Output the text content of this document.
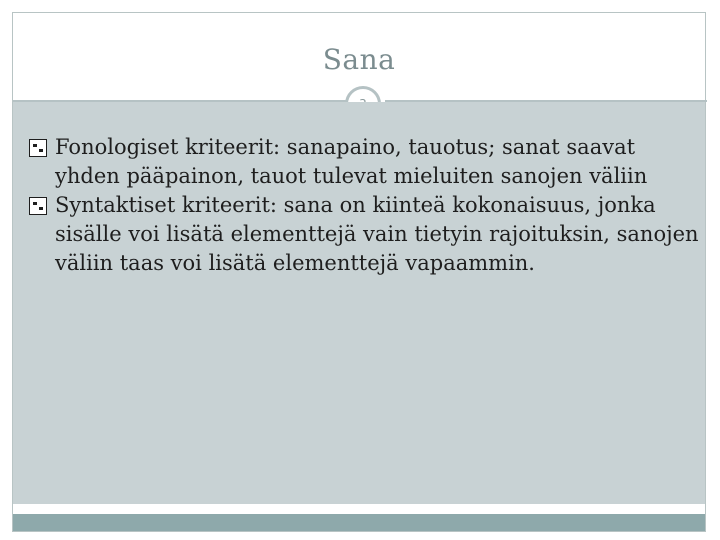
Sana
Fonologiset kriteerit: sanapaino, tauotus; sanat saavat yhden pääpainon, tauot tulevat mieluiten sanojen väliin
Syntaktiset kriteerit: sana on kiinteä kokonaisuus, jonka sisälle voi lisätä elementtejä vain tietyin rajoituksin, sanojen väliin taas voi lisätä elementtejä vapaammin.
